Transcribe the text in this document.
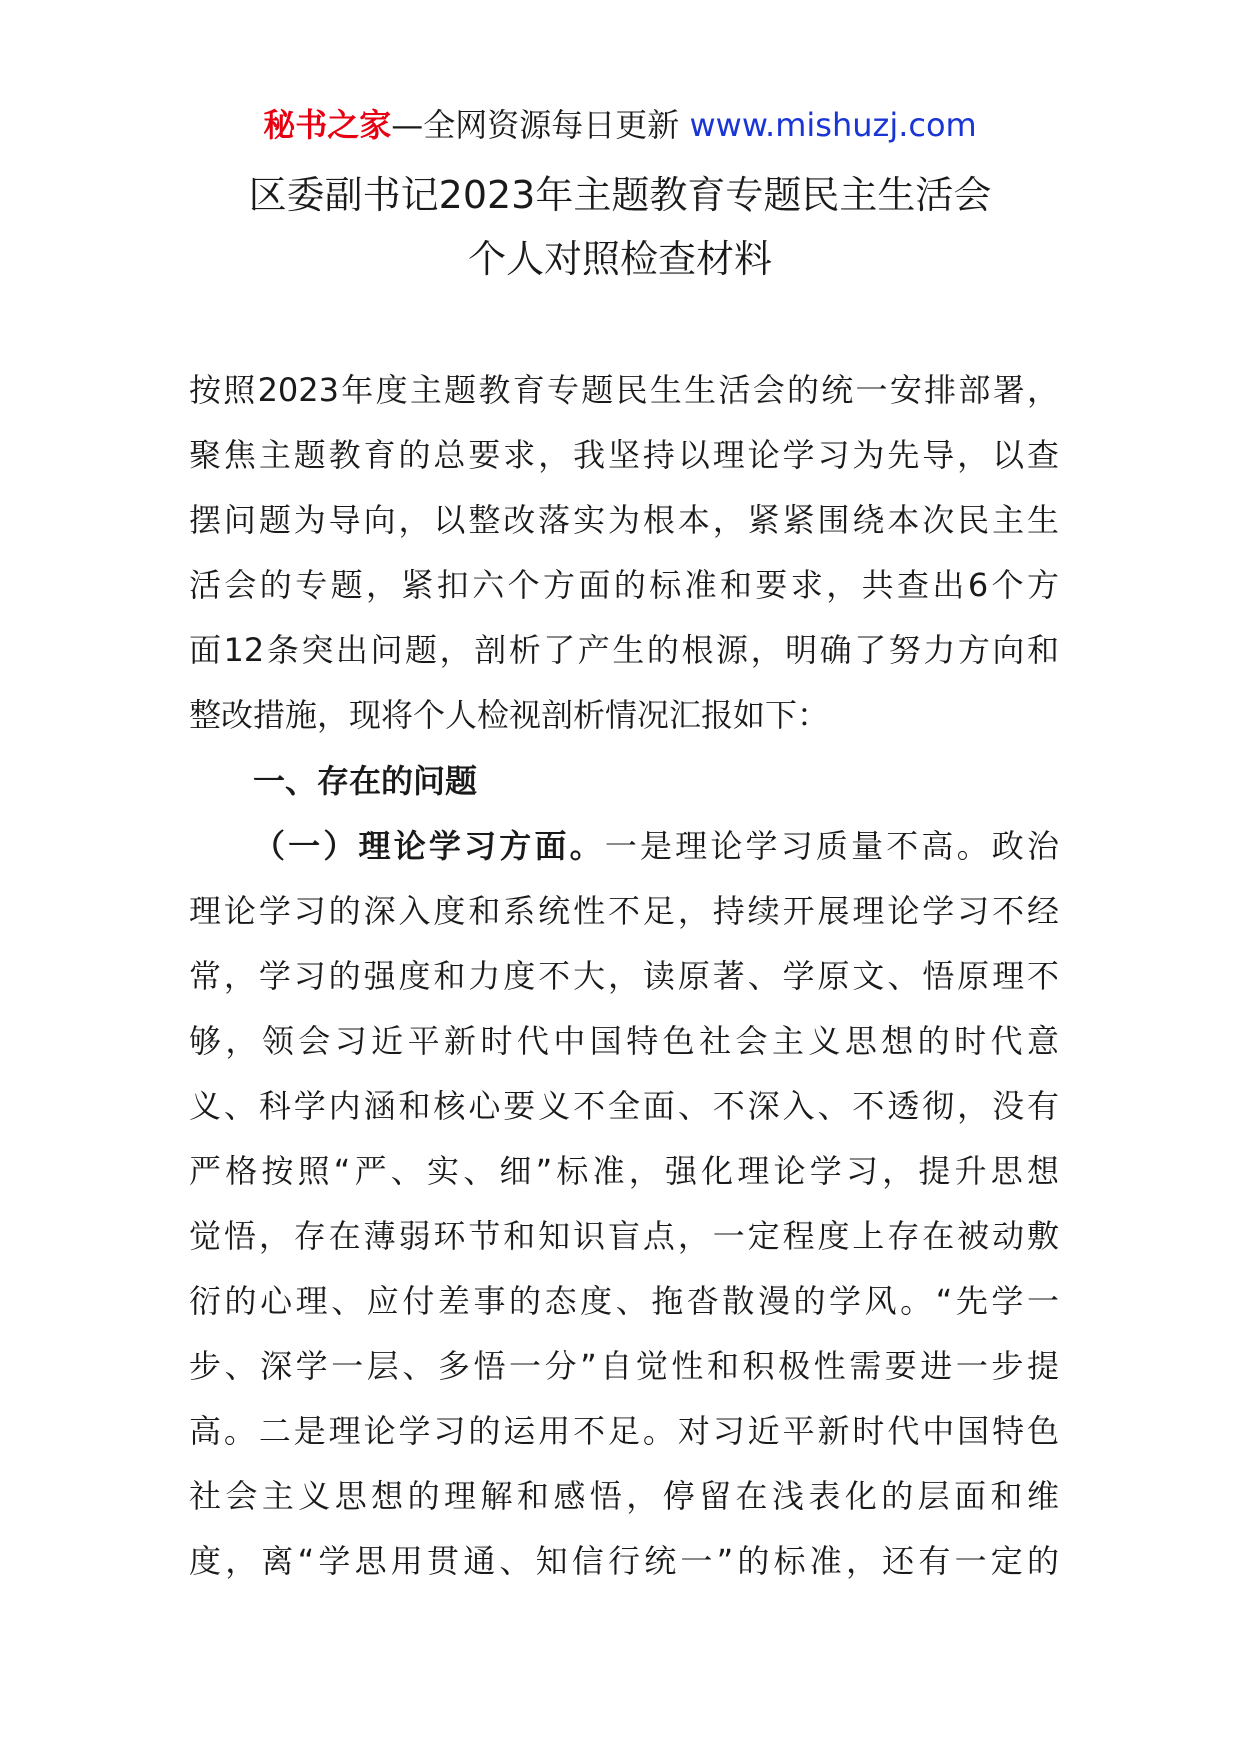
秘书之家—全网资源每日更新 www.mishuzj.com
区委副书记2023年主题教育专题民主生活会
个人对照检查材料
按照2023年度主题教育专题民生生活会的统一安排部署，
聚焦主题教育的总要求，我坚持以理论学习为先导，以查
摆问题为导向，以整改落实为根本，紧紧围绕本次民主生
活会的专题，紧扣六个方面的标准和要求，共查出6个方
面12条突出问题，剖析了产生的根源，明确了努力方向和
整改措施，现将个人检视剖析情况汇报如下：
一、存在的问题
（一）理论学习方面。一是理论学习质量不高。政治
理论学习的深入度和系统性不足，持续开展理论学习不经
常，学习的强度和力度不大，读原著、学原文、悟原理不
够，领会习近平新时代中国特色社会主义思想的时代意
义、科学内涵和核心要义不全面、不深入、不透彻，没有
严格按照“严、实、细”标准，强化理论学习，提升思想
觉悟，存在薄弱环节和知识盲点，一定程度上存在被动敷
衍的心理、应付差事的态度、拖沓散漫的学风。“先学一
步、深学一层、多悟一分”自觉性和积极性需要进一步提
高。二是理论学习的运用不足。对习近平新时代中国特色
社会主义思想的理解和感悟，停留在浅表化的层面和维
度，离“学思用贯通、知信行统一”的标准，还有一定的
